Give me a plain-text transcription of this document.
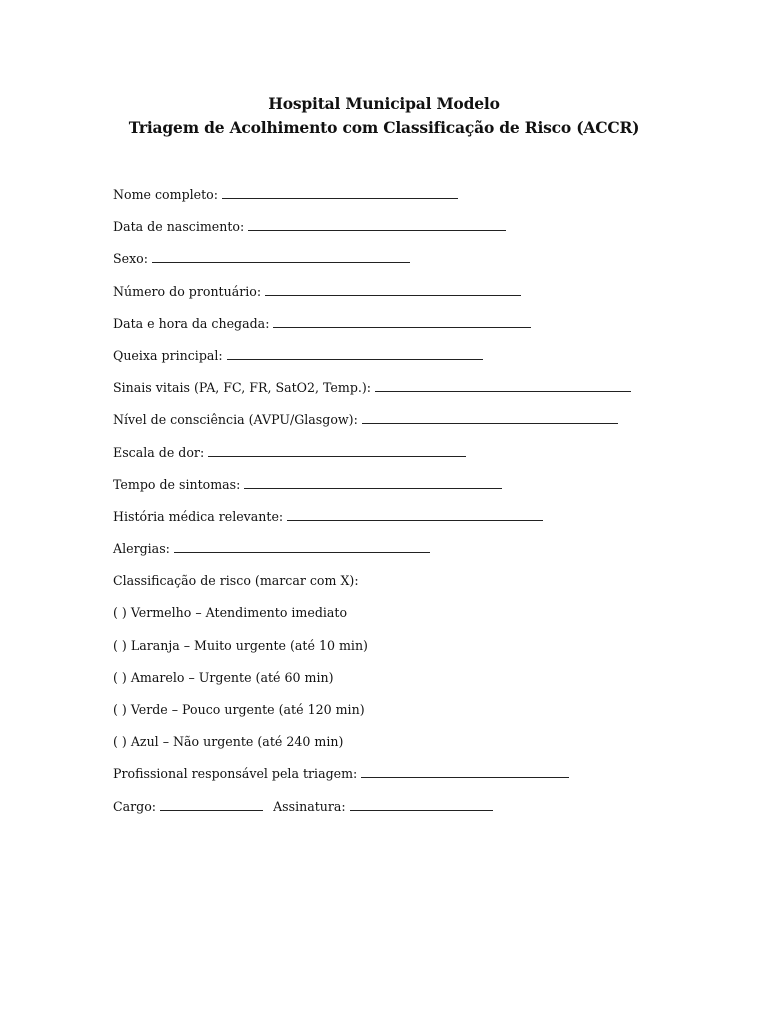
Hospital Municipal Modelo
Triagem de Acolhimento com Classificação de Risco (ACCR)
Nome completo:
Data de nascimento:
Sexo:
Número do prontuário:
Data e hora da chegada:
Queixa principal:
Sinais vitais (PA, FC, FR, SatO2, Temp.):
Nível de consciência (AVPU/Glasgow):
Escala de dor:
Tempo de sintomas:
História médica relevante:
Alergias:
Classificação de risco (marcar com X):
( ) Vermelho – Atendimento imediato
( ) Laranja – Muito urgente (até 10 min)
( ) Amarelo – Urgente (até 60 min)
( ) Verde – Pouco urgente (até 120 min)
( ) Azul – Não urgente (até 240 min)
Profissional responsável pela triagem:
Cargo:	Assinatura:
